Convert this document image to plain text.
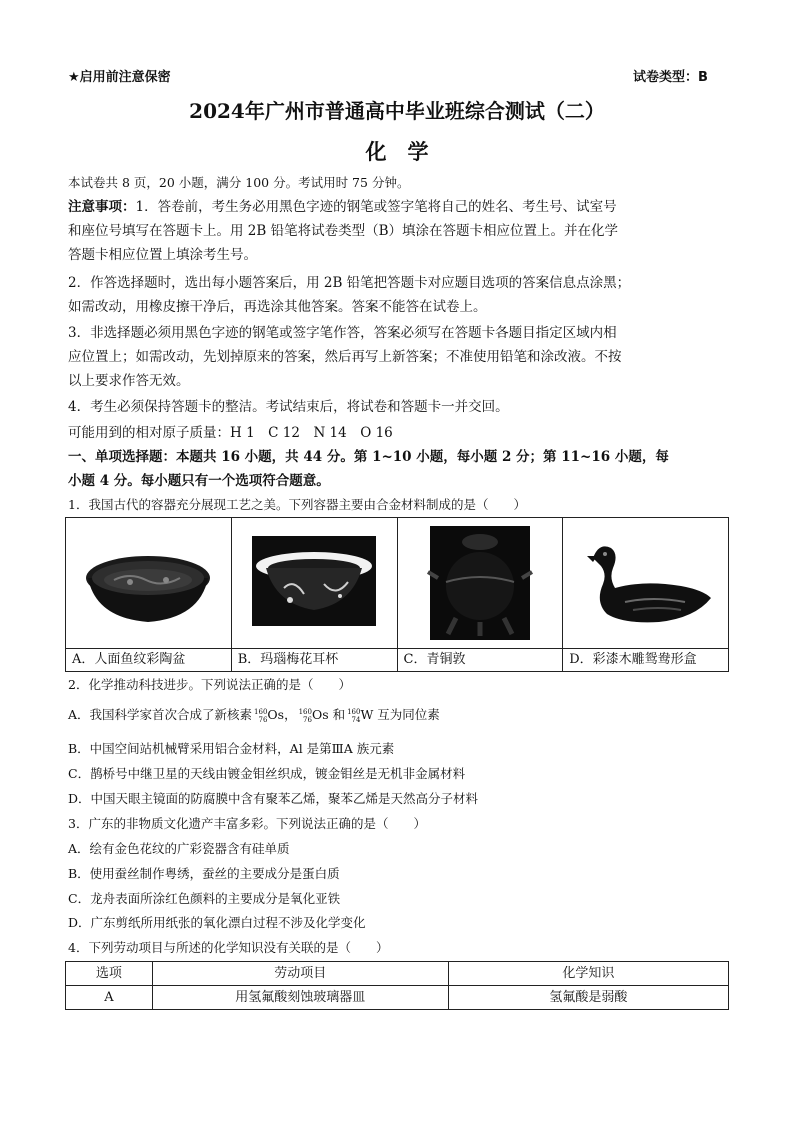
★启用前注意保密	试卷类型：B
2024年广州市普通高中毕业班综合测试（二）
化　学
本试卷共 8 页，20 小题，满分 100 分。考试用时 75 分钟。
注意事项：1．答卷前，考生务必用黑色字迹的钢笔或签字笔将自己的姓名、考生号、试室号
和座位号填写在答题卡上。用 2B 铅笔将试卷类型（B）填涂在答题卡相应位置上。并在化学
答题卡相应位置上填涂考生号。
2．作答选择题时，选出每小题答案后，用 2B 铅笔把答题卡对应题目选项的答案信息点涂黑；
如需改动，用橡皮擦干净后，再选涂其他答案。答案不能答在试卷上。
3．非选择题必须用黑色字迹的钢笔或签字笔作答，答案必须写在答题卡各题目指定区域内相
应位置上；如需改动，先划掉原来的答案，然后再写上新答案；不准使用铅笔和涂改液。不按
以上要求作答无效。
4．考生必须保持答题卡的整洁。考试结束后，将试卷和答题卡一并交回。
可能用到的相对原子质量：H 1　C 12　N 14　O 16
一、单项选择题：本题共 16 小题，共 44 分。第 1~10 小题，每小题 2 分；第 11~16 小题，每
小题 4 分。每小题只有一个选项符合题意。
1．我国古代的容器充分展现工艺之美。下列容器主要由合金材料制成的是（　　）

A．人面鱼纹彩陶盆	B．玛瑙梅花耳杯	C．青铜敦	D．彩漆木雕鸳鸯形盒
2．化学推动科技进步。下列说法正确的是（　　）
A．我国科学家首次合成了新核素 160
76 Os， 160
76 Os 和 160
74 W 互为同位素
B．中国空间站机械臂采用铝合金材料，Al 是第ⅢA 族元素
C．鹊桥号中继卫星的天线由镀金钼丝织成，镀金钼丝是无机非金属材料
D．中国天眼主镜面的防腐膜中含有聚苯乙烯，聚苯乙烯是天然高分子材料
3．广东的非物质文化遗产丰富多彩。下列说法正确的是（　　）
A．绘有金色花纹的广彩瓷器含有硅单质
B．使用蚕丝制作粤绣，蚕丝的主要成分是蛋白质
C．龙舟表面所涂红色颜料的主要成分是氧化亚铁
D．广东剪纸所用纸张的氧化漂白过程不涉及化学变化
4．下列劳动项目与所述的化学知识没有关联的是（　　）
选项	劳动项目	化学知识
A	用氢氟酸刻蚀玻璃器皿	氢氟酸是弱酸
